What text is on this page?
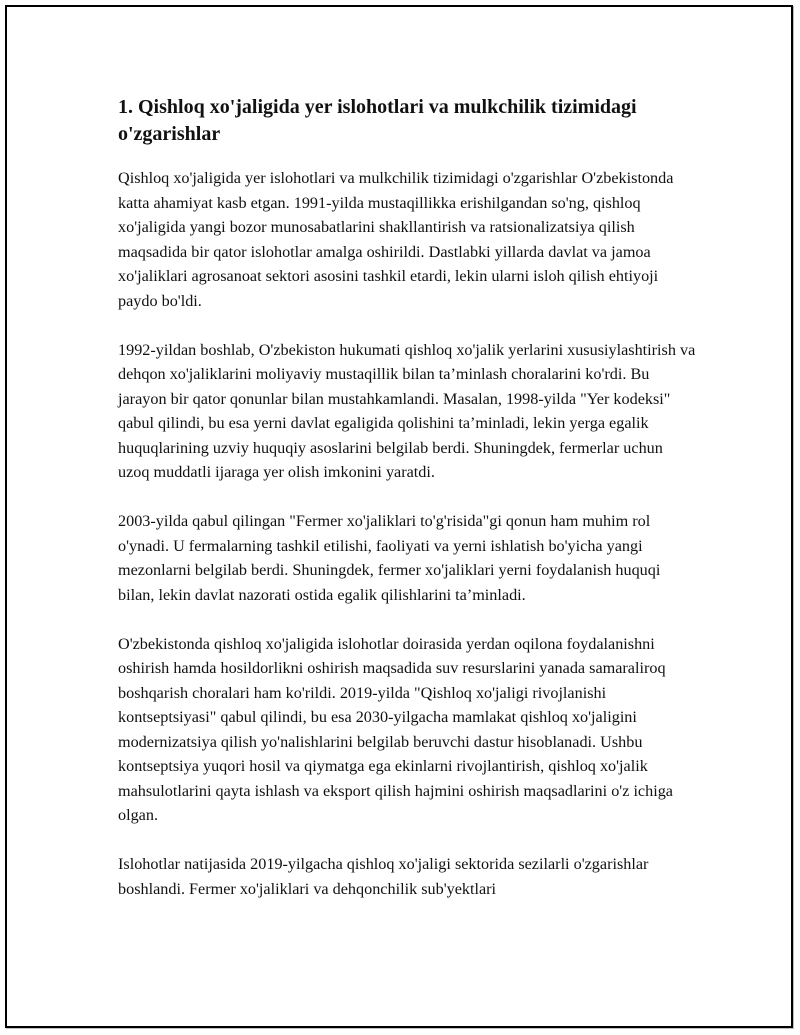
1. Qishloq xo'jaligida yer islohotlari va mulkchilik tizimidagi o'zgarishlar

Qishloq xo'jaligida yer islohotlari va mulkchilik tizimidagi o'zgarishlar O'zbekistonda katta ahamiyat kasb etgan. 1991-yilda mustaqillikka erishilgandan so'ng, qishloq xo'jaligida yangi bozor munosabatlarini shakllantirish va ratsionalizatsiya qilish maqsadida bir qator islohotlar amalga oshirildi. Dastlabki yillarda davlat va jamoa xo'jaliklari agrosanoat sektori asosini tashkil etardi, lekin ularni isloh qilish ehtiyoji paydo bo'ldi.

1992-yildan boshlab, O'zbekiston hukumati qishloq xo'jalik yerlarini xususiylashtirish va dehqon xo'jaliklarini moliyaviy mustaqillik bilan ta’minlash choralarini ko'rdi. Bu jarayon bir qator qonunlar bilan mustahkamlandi. Masalan, 1998-yilda "Yer kodeksi" qabul qilindi, bu esa yerni davlat egaligida qolishini ta’minladi, lekin yerga egalik huquqlarining uzviy huquqiy asoslarini belgilab berdi. Shuningdek, fermerlar uchun uzoq muddatli ijaraga yer olish imkonini yaratdi.

2003-yilda qabul qilingan "Fermer xo'jaliklari to'g'risida"gi qonun ham muhim rol o'ynadi. U fermalarning tashkil etilishi, faoliyati va yerni ishlatish bo'yicha yangi mezonlarni belgilab berdi. Shuningdek, fermer xo'jaliklari yerni foydalanish huquqi bilan, lekin davlat nazorati ostida egalik qilishlarini ta’minladi.

O'zbekistonda qishloq xo'jaligida islohotlar doirasida yerdan oqilona foydalanishni oshirish hamda hosildorlikni oshirish maqsadida suv resurslarini yanada samaraliroq boshqarish choralari ham ko'rildi. 2019-yilda "Qishloq xo'jaligi rivojlanishi kontseptsiyasi" qabul qilindi, bu esa 2030-yilgacha mamlakat qishloq xo'jaligini modernizatsiya qilish yo'nalishlarini belgilab beruvchi dastur hisoblanadi. Ushbu kontseptsiya yuqori hosil va qiymatga ega ekinlarni rivojlantirish, qishloq xo'jalik mahsulotlarini qayta ishlash va eksport qilish hajmini oshirish maqsadlarini o'z ichiga olgan.

Islohotlar natijasida 2019-yilgacha qishloq xo'jaligi sektorida sezilarli o'zgarishlar boshlandi. Fermer xo'jaliklari va dehqonchilik sub'yektlari
